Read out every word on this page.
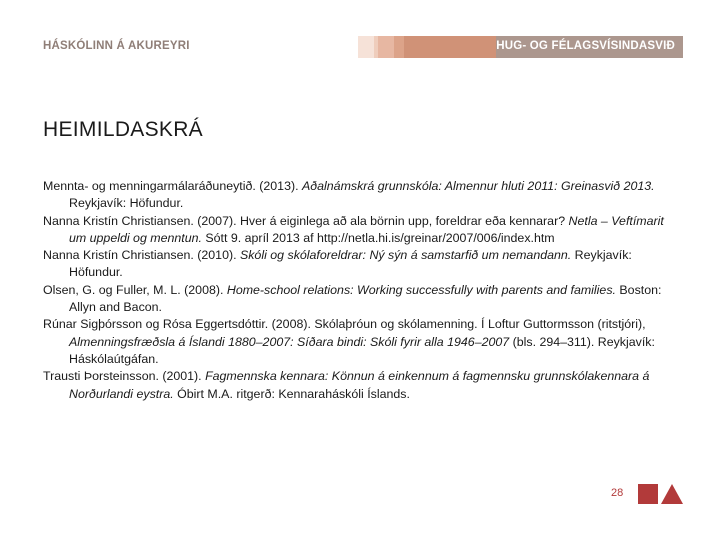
HÁSKÓLINN Á AKUREYRI	HUG- OG FÉLAGSVÍSINDASVIÐ
HEIMILDASKRÁ
Mennta- og menningarmálaráðuneytið. (2013). Aðalnámskrá grunnskóla: Almennur hluti 2011: Greinasvið 2013. Reykjavík: Höfundur.
Nanna Kristín Christiansen. (2007). Hver á eiginlega að ala börnin upp, foreldrar eða kennarar? Netla – Veftímarit um uppeldi og menntun. Sótt 9. apríl 2013 af http://netla.hi.is/greinar/2007/006/index.htm
Nanna Kristín Christiansen. (2010). Skóli og skólaforeldrar: Ný sýn á samstarfið um nemandann. Reykjavík: Höfundur.
Olsen, G. og Fuller, M. L. (2008). Home-school relations: Working successfully with parents and families. Boston: Allyn and Bacon.
Rúnar Sigþórsson og Rósa Eggertsdóttir. (2008). Skólaþróun og skólamenning. Í Loftur Guttormsson (ritstjóri), Almenningsfræðsla á Íslandi 1880–2007: Síðara bindi: Skóli fyrir alla 1946–2007 (bls. 294–311). Reykjavík: Háskólaútgáfan.
Trausti Þorsteinsson. (2001). Fagmennska kennara: Könnun á einkennum á fagmennsku grunnskólakennara á Norðurlandi eystra. Óbirt M.A. ritgerð: Kennaraháskóli Íslands.
28
